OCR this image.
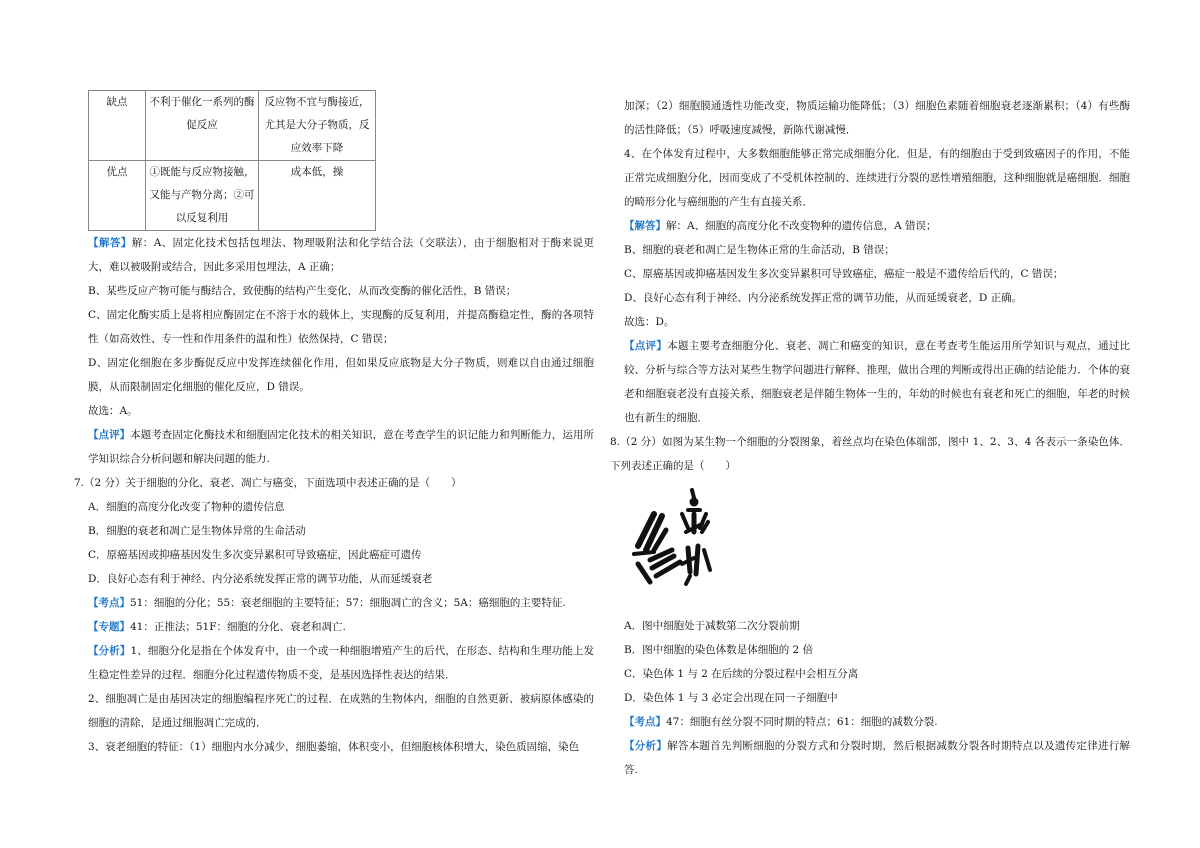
缺点	不利于催化一系列的酶促反应	反应物不宜与酶接近，尤其是大分子物质，反应效率下降
优点	①既能与反应物接触，又能与产物分离；②可以反复利用	成本低，操

【解答】解：A、固定化技术包括包埋法、物理吸附法和化学结合法（交联法），由于细胞相对于酶来说更大，难以被吸附或结合，因此多采用包埋法，A 正确；

B、某些反应产物可能与酶结合，致使酶的结构产生变化，从而改变酶的催化活性，B 错误；

C、固定化酶实质上是将相应酶固定在不溶于水的载体上，实现酶的反复利用，并提高酶稳定性，酶的各项特性（如高效性、专一性和作用条件的温和性）依然保持，C 错误；

D、固定化细胞在多步酶促反应中发挥连续催化作用，但如果反应底物是大分子物质，则难以自由通过细胞膜，从而限制固定化细胞的催化反应，D 错误。

故选：A。

【点评】本题考查固定化酶技术和细胞固定化技术的相关知识，意在考查学生的识记能力和判断能力，运用所学知识综合分析问题和解决问题的能力.

7.（2 分）关于细胞的分化、衰老、凋亡与癌变，下面选项中表述正确的是（　　）

A．细胞的高度分化改变了物种的遗传信息

B．细胞的衰老和凋亡是生物体异常的生命活动

C．原癌基因或抑癌基因发生多次变异累积可导致癌症，因此癌症可遗传

D．良好心态有利于神经、内分泌系统发挥正常的调节功能，从而延缓衰老

【考点】51：细胞的分化；55：衰老细胞的主要特征；57：细胞凋亡的含义；5A：癌细胞的主要特征.

【专题】41：正推法；51F：细胞的分化、衰老和凋亡.

【分析】1、细胞分化是指在个体发育中，由一个或一种细胞增殖产生的后代，在形态、结构和生理功能上发生稳定性差异的过程．细胞分化过程遗传物质不变，是基因选择性表达的结果．

2、细胞凋亡是由基因决定的细胞编程序死亡的过程．在成熟的生物体内，细胞的自然更新、被病原体感染的细胞的清除，是通过细胞凋亡完成的．

3、衰老细胞的特征：（1）细胞内水分减少，细胞萎缩，体积变小，但细胞核体积增大，染色质固缩，染色

加深；（2）细胞膜通透性功能改变，物质运输功能降低；（3）细胞色素随着细胞衰老逐渐累积；（4）有些酶的活性降低；（5）呼吸速度减慢，新陈代谢减慢．

4、在个体发育过程中，大多数细胞能够正常完成细胞分化．但是，有的细胞由于受到致癌因子的作用，不能正常完成细胞分化，因而变成了不受机体控制的、连续进行分裂的恶性增殖细胞，这种细胞就是癌细胞．细胞的畸形分化与癌细胞的产生有直接关系．

【解答】解：A、细胞的高度分化不改变物种的遗传信息，A 错误；

B、细胞的衰老和凋亡是生物体正常的生命活动，B 错误；

C、原癌基因或抑癌基因发生多次变异累积可导致癌症，癌症一般是不遗传给后代的，C 错误；

D、良好心态有利于神经、内分泌系统发挥正常的调节功能，从而延缓衰老，D 正确。

故选：D。

【点评】本题主要考查细胞分化、衰老、凋亡和癌变的知识，意在考查考生能运用所学知识与观点，通过比较、分析与综合等方法对某些生物学问题进行解释、推理，做出合理的判断或得出正确的结论能力．个体的衰老和细胞衰老没有直接关系，细胞衰老是伴随生物体一生的，年幼的时候也有衰老和死亡的细胞，年老的时候也有新生的细胞．

8.（2 分）如图为某生物一个细胞的分裂图象，着丝点均在染色体端部，图中 1、2、3、4 各表示一条染色体．下列表述正确的是（　　）

A．图中细胞处于减数第二次分裂前期

B．图中细胞的染色体数是体细胞的 2 倍

C．染色体 1 与 2 在后续的分裂过程中会相互分离

D．染色体 1 与 3 必定会出现在同一子细胞中

【考点】47：细胞有丝分裂不同时期的特点；61：细胞的减数分裂.

【分析】解答本题首先判断细胞的分裂方式和分裂时期，然后根据减数分裂各时期特点以及遗传定律进行解答.
